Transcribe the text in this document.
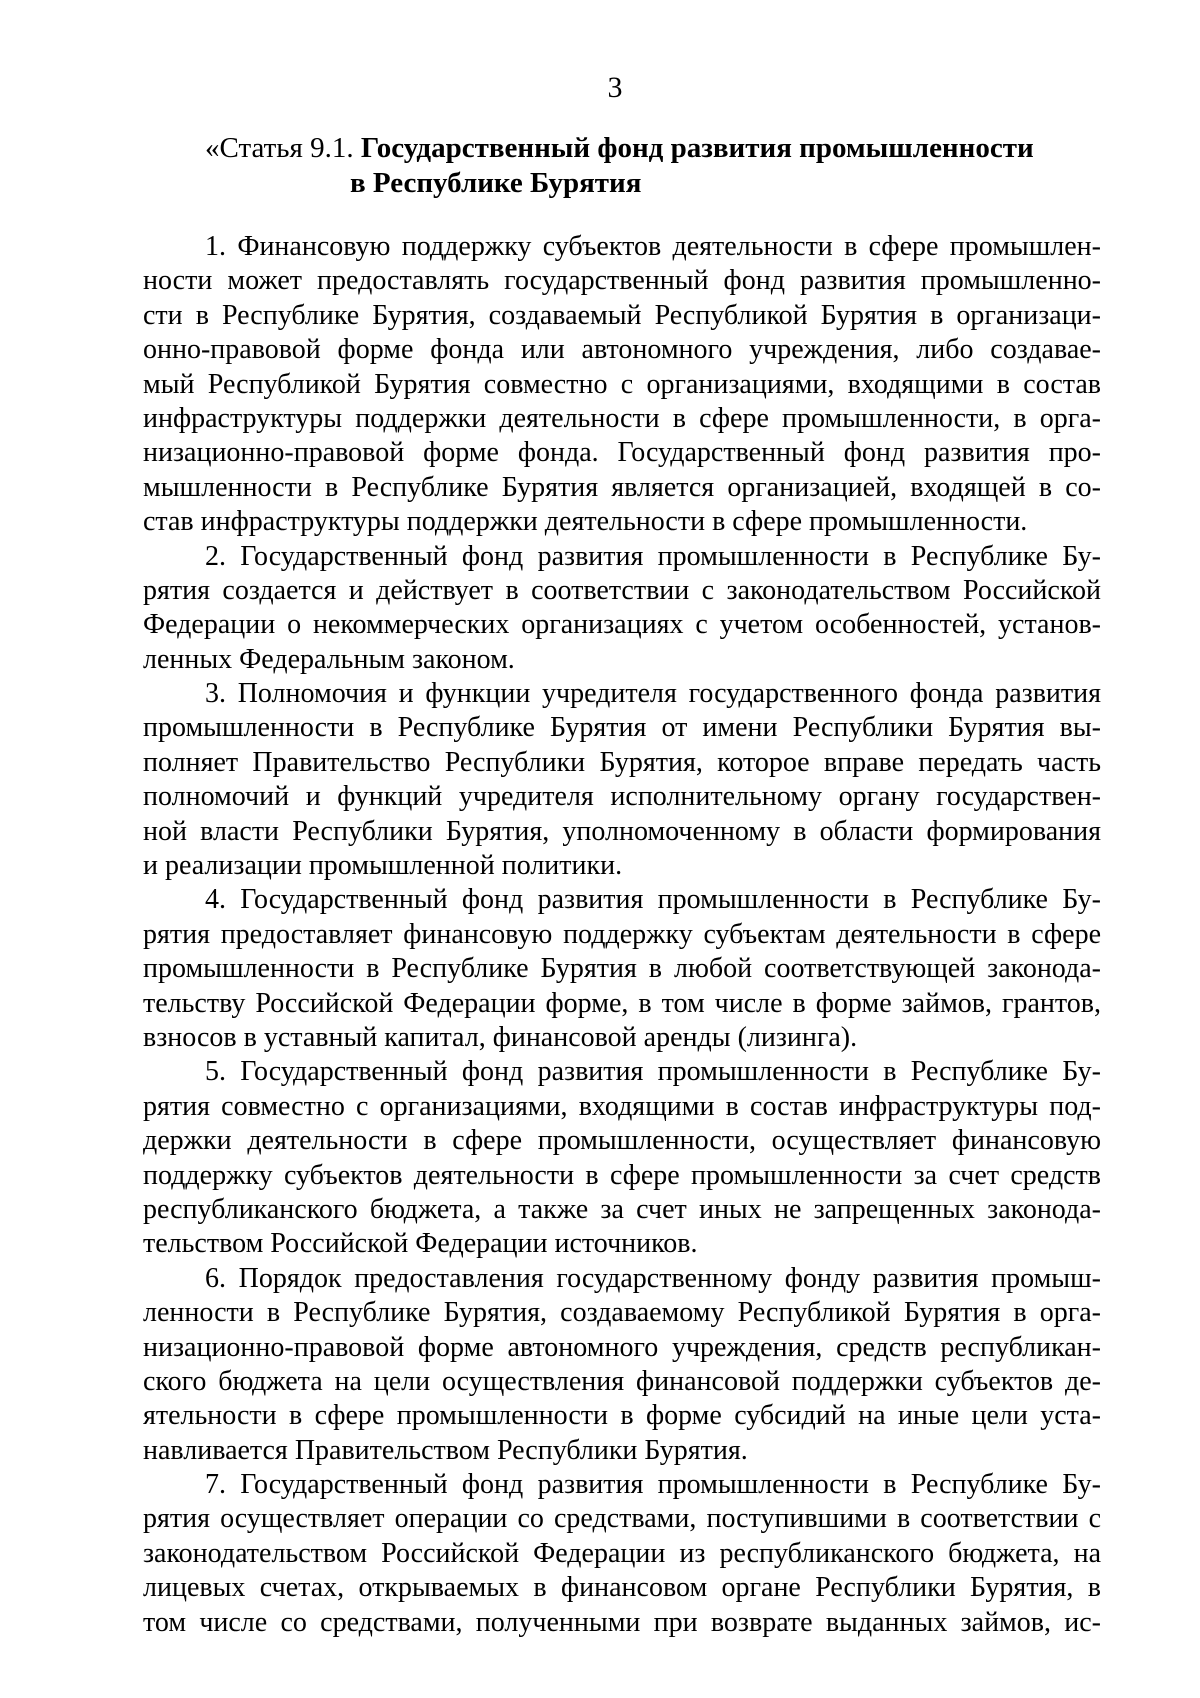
3
«Статья 9.1. Государственный фонд развития промышленности
в Республике Бурятия
1. Финансовую поддержку субъектов деятельности в сфере промышлен-
ности может предоставлять государственный фонд развития промышленно-
сти в Республике Бурятия, создаваемый Республикой Бурятия в организаци-
онно-правовой форме фонда или автономного учреждения, либо создавае-
мый Республикой Бурятия совместно с организациями, входящими в состав
инфраструктуры поддержки деятельности в сфере промышленности, в орга-
низационно-правовой форме фонда. Государственный фонд развития про-
мышленности в Республике Бурятия является организацией, входящей в со-
став инфраструктуры поддержки деятельности в сфере промышленности.
2. Государственный фонд развития промышленности в Республике Бу-
рятия создается и действует в соответствии с законодательством Российской
Федерации о некоммерческих организациях с учетом особенностей, установ-
ленных Федеральным законом.
3. Полномочия и функции учредителя государственного фонда развития
промышленности в Республике Бурятия от имени Республики Бурятия вы-
полняет Правительство Республики Бурятия, которое вправе передать часть
полномочий и функций учредителя исполнительному органу государствен-
ной власти Республики Бурятия, уполномоченному в области формирования
и реализации промышленной политики.
4. Государственный фонд развития промышленности в Республике Бу-
рятия предоставляет финансовую поддержку субъектам деятельности в сфере
промышленности в Республике Бурятия в любой соответствующей законода-
тельству Российской Федерации форме, в том числе в форме займов, грантов,
взносов в уставный капитал, финансовой аренды (лизинга).
5. Государственный фонд развития промышленности в Республике Бу-
рятия совместно с организациями, входящими в состав инфраструктуры под-
держки деятельности в сфере промышленности, осуществляет финансовую
поддержку субъектов деятельности в сфере промышленности за счет средств
республиканского бюджета, а также за счет иных не запрещенных законода-
тельством Российской Федерации источников.
6. Порядок предоставления государственному фонду развития промыш-
ленности в Республике Бурятия, создаваемому Республикой Бурятия в орга-
низационно-правовой форме автономного учреждения, средств республикан-
ского бюджета на цели осуществления финансовой поддержки субъектов де-
ятельности в сфере промышленности в форме субсидий на иные цели уста-
навливается Правительством Республики Бурятия.
7. Государственный фонд развития промышленности в Республике Бу-
рятия осуществляет операции со средствами, поступившими в соответствии с
законодательством Российской Федерации из республиканского бюджета, на
лицевых счетах, открываемых в финансовом органе Республики Бурятия, в
том числе со средствами, полученными при возврате выданных займов, ис-
